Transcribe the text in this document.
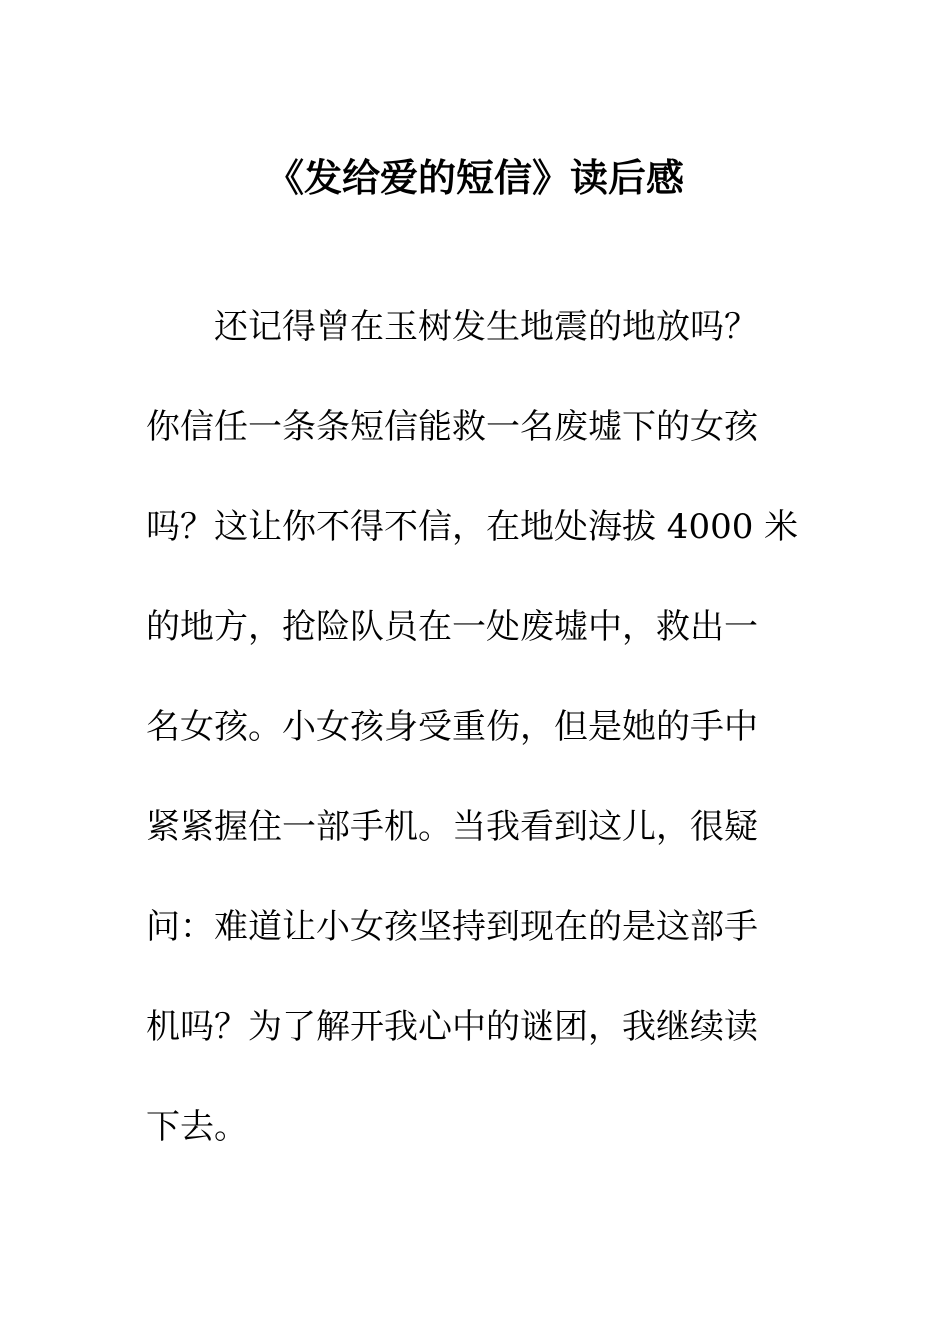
《发给爱的短信》读后感
还记得曾在玉树发生地震的地放吗？
你信任一条条短信能救一名废墟下的女孩
吗？这让你不得不信，在地处海拔 4000 米
的地方，抢险队员在一处废墟中，救出一
名女孩。小女孩身受重伤，但是她的手中
紧紧握住一部手机。当我看到这儿，很疑
问：难道让小女孩坚持到现在的是这部手
机吗？为了解开我心中的谜团，我继续读
下去。
